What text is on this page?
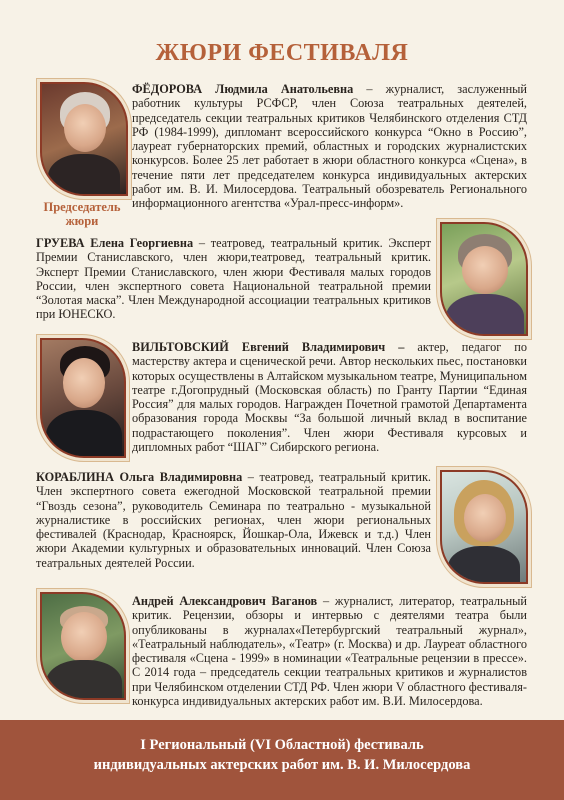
ЖЮРИ ФЕСТИВАЛЯ
Председатель жюри
ФЁДОРОВА Людмила Анатольевна – журналист, заслуженный работник культуры РСФСР, член Союза театральных деятелей, председатель секции театральных критиков Челябинского отделения СТД РФ (1984-1999), дипломант всероссийского конкурса “Окно в Россию”, лауреат губернаторских премий, областных и городских журналистских конкурсов. Более 25 лет работает в жюри областного конкурса «Сцена», в течение пяти лет председателем конкурса индивидуальных актерских работ им. В. И. Милосердова. Театральный обозреватель Регионального информационного агентства «Урал-пресс-информ».
ГРУЕВА Елена Георгиевна – театровед, театральный критик. Эксперт Премии Станиславского, член жюри,театровед, театральный критик. Эксперт Премии Станиславского, член жюри Фестиваля малых городов России, член экспертного совета Национальной театральной премии “Золотая маска”. Член Международной ассоциации театральных критиков при ЮНЕСКО.
ВИЛЬТОВСКИЙ Евгений Владимирович – актер, педагог по мастерству актера и сценической речи. Автор нескольких пьес, постановки которых осуществлены в Алтайском музыкальном театре, Муниципальном театре г.Догопрудный (Московская область) по Гранту Партии “Единая Россия” для малых городов. Награжден Почетной грамотой Департамента образования города Москвы “За большой личный вклад в воспитание подрастающего поколения”. Член жюри Фестиваля курсовых и дипломных работ “ШАГ” Сибирского региона.
КОРАБЛИНА Ольга Владимировна – театровед, театральный критик. Член экспертного совета ежегодной Московской театральной премии “Гвоздь сезона”, руководитель Семинара по театрально - музыкальной журналистике в российских регионах, член жюри региональных фестивалей (Краснодар, Красноярск, Йошкар-Ола, Ижевск и т.д.) Член жюри Академии культурных и образовательных инноваций. Член Союза театральных деятелей России.
Андрей Александрович Ваганов – журналист, литератор, театральный критик. Рецензии, обзоры и интервью с деятелями театра были опубликованы в журналах«Петербургский театральный журнал», «Театральный наблюдатель», «Театр» (г. Москва) и др. Лауреат областного фестиваля «Сцена - 1999» в номинации «Театральные рецензии в прессе». С 2014 года – председатель секции театральных критиков и журналистов при Челябинском отделении СТД РФ. Член жюри V областного фестиваля-конкурса индивидуальных актерских работ им. В.И. Милосердова.
I Региональный (VI Областной) фестиваль
индивидуальных актерских работ им. В. И. Милосердова
